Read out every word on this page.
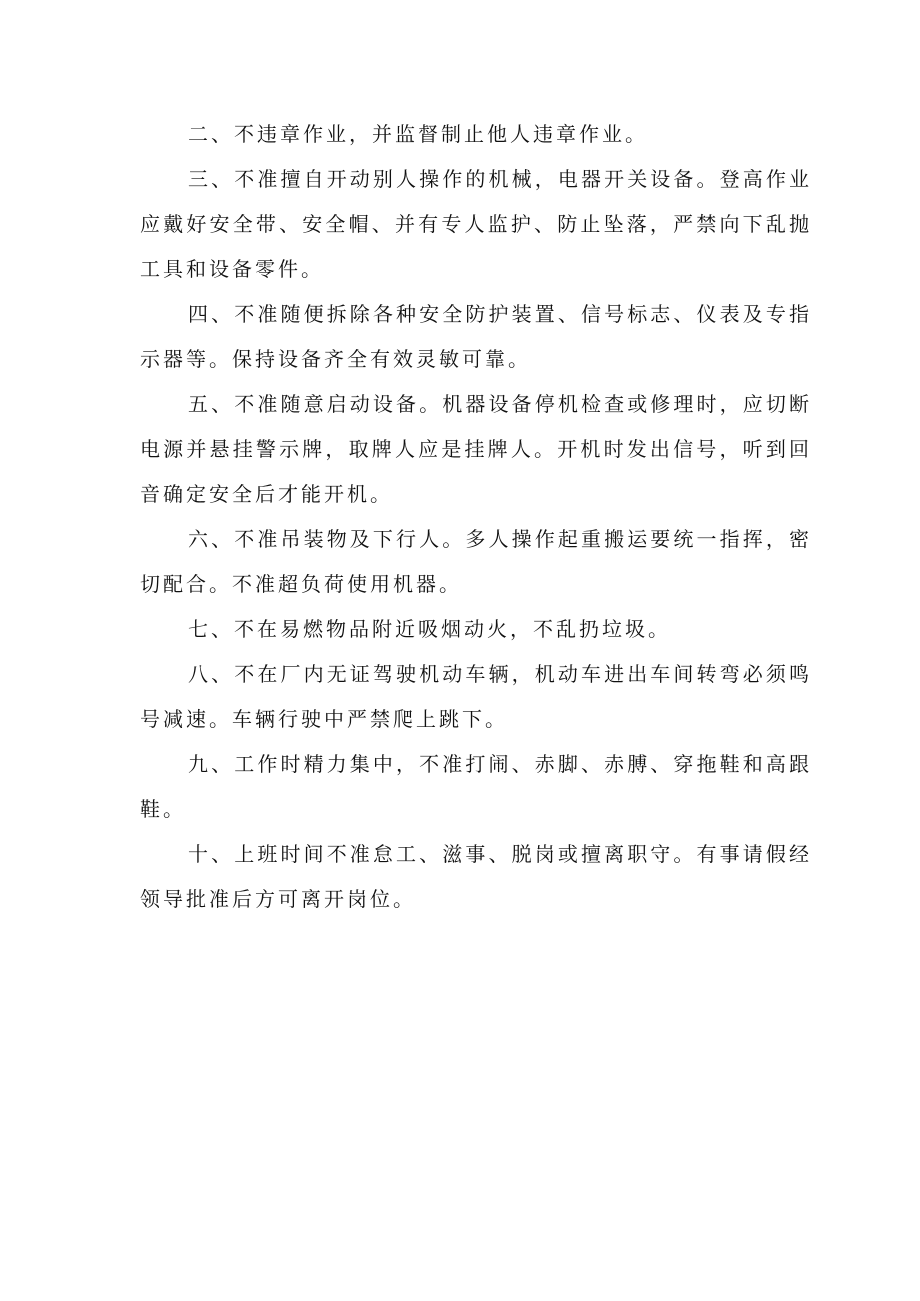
二、不违章作业，并监督制止他人违章作业。

三、不准擅自开动别人操作的机械，电器开关设备。登高作业应戴好安全带、安全帽、并有专人监护、防止坠落，严禁向下乱抛工具和设备零件。

四、不准随便拆除各种安全防护装置、信号标志、仪表及专指示器等。保持设备齐全有效灵敏可靠。

五、不准随意启动设备。机器设备停机检查或修理时，应切断电源并悬挂警示牌，取牌人应是挂牌人。开机时发出信号，听到回音确定安全后才能开机。

六、不准吊装物及下行人。多人操作起重搬运要统一指挥，密切配合。不准超负荷使用机器。

七、不在易燃物品附近吸烟动火，不乱扔垃圾。

八、不在厂内无证驾驶机动车辆，机动车进出车间转弯必须鸣号减速。车辆行驶中严禁爬上跳下。

九、工作时精力集中，不准打闹、赤脚、赤膊、穿拖鞋和高跟鞋。

十、上班时间不准怠工、滋事、脱岗或擅离职守。有事请假经领导批准后方可离开岗位。
